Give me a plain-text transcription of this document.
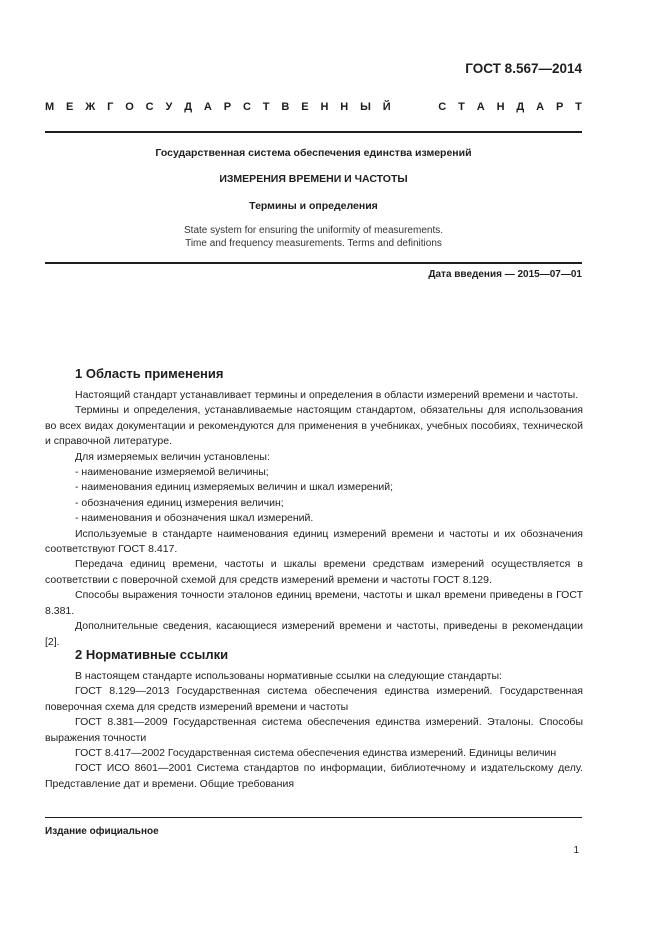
ГОСТ 8.567—2014
М Е Ж Г О С У Д А Р С Т В Е Н Н Ы Й	С Т А Н Д А Р Т
Государственная система обеспечения единства измерений
ИЗМЕРЕНИЯ ВРЕМЕНИ И ЧАСТОТЫ
Термины и определения
State system for ensuring the uniformity of measurements.
Time and frequency measurements. Terms and definitions
Дата введения — 2015—07—01
1 Область применения

Настоящий стандарт устанавливает термины и определения в области измерений времени и частоты.

Термины и определения, устанавливаемые настоящим стандартом, обязательны для использования во всех видах документации и рекомендуются для применения в учебниках, учебных пособиях, технической и справочной литературе.

Для измеряемых величин установлены:

- наименование измеряемой величины;

- наименования единиц измеряемых величин и шкал измерений;

- обозначения единиц измерения величин;

- наименования и обозначения шкал измерений.

Используемые в стандарте наименования единиц измерений времени и частоты и их обозначения соответствуют ГОСТ 8.417.

Передача единиц времени, частоты и шкалы времени средствам измерений осуществляется в соответствии с поверочной схемой для средств измерений времени и частоты ГОСТ 8.129.

Способы выражения точности эталонов единиц времени, частоты и шкал времени приведены в ГОСТ 8.381.

Дополнительные сведения, касающиеся измерений времени и частоты, приведены в рекомендации [2].

2 Нормативные ссылки

В настоящем стандарте использованы нормативные ссылки на следующие стандарты:

ГОСТ 8.129—2013 Государственная система обеспечения единства измерений. Государственная поверочная схема для средств измерений времени и частоты

ГОСТ 8.381—2009 Государственная система обеспечения единства измерений. Эталоны. Способы выражения точности

ГОСТ 8.417—2002 Государственная система обеспечения единства измерений. Единицы величин

ГОСТ ИСО 8601—2001 Система стандартов по информации, библиотечному и издательскому делу. Представление дат и времени. Общие требования

Издание официальное
1
